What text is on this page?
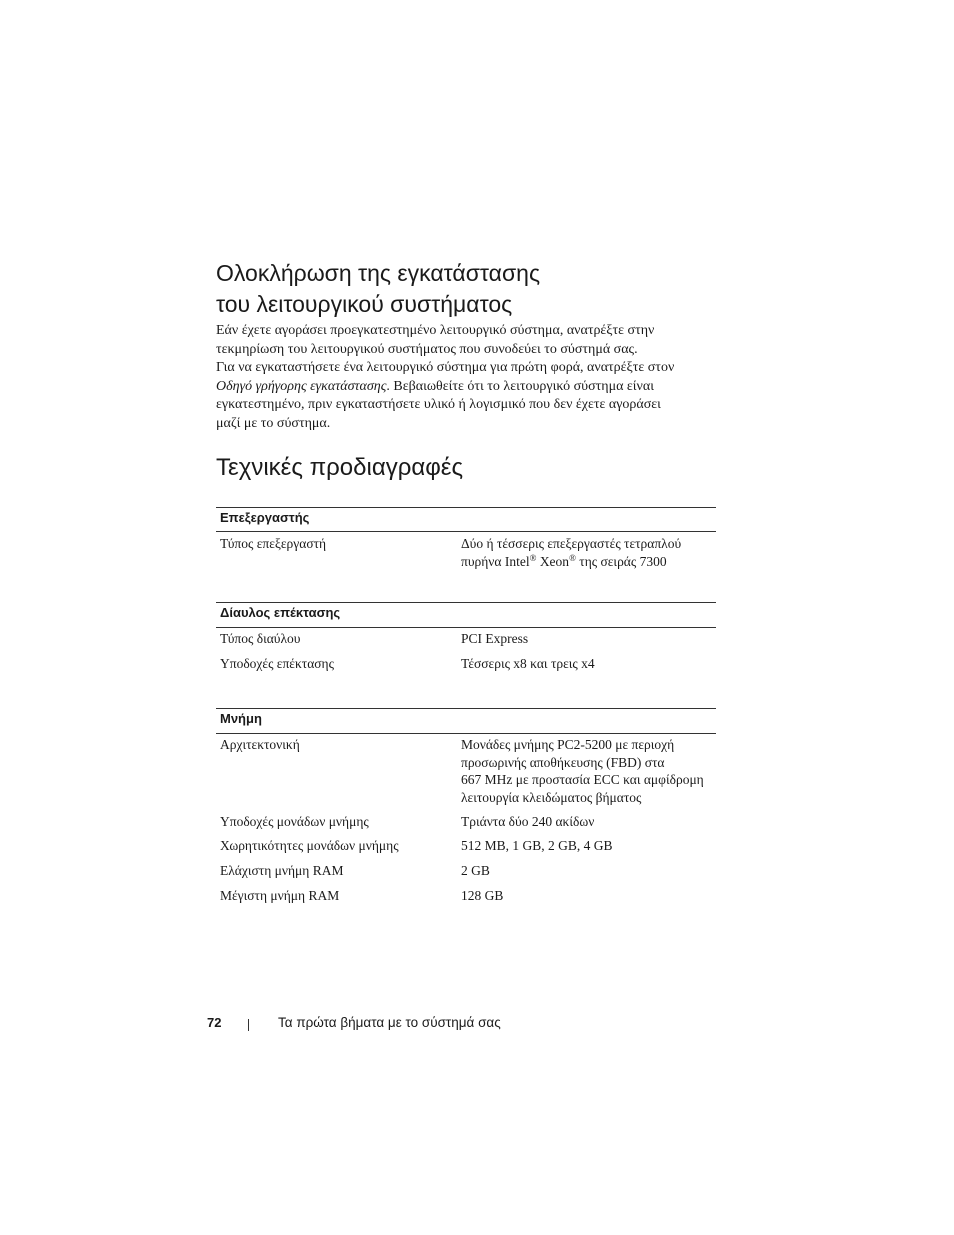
Ολοκλήρωση της εγκατάστασης
του λειτουργικού συστήματος

Εάν έχετε αγοράσει προεγκατεστημένο λειτουργικό σύστημα, ανατρέξτε στην
τεκμηρίωση του λειτουργικού συστήματος που συνοδεύει το σύστημά σας.
Για να εγκαταστήσετε ένα λειτουργικό σύστημα για πρώτη φορά, ανατρέξτε στον
Οδηγό γρήγορης εγκατάστασης. Βεβαιωθείτε ότι το λειτουργικό σύστημα είναι
εγκατεστημένο, πριν εγκαταστήσετε υλικό ή λογισμικό που δεν έχετε αγοράσει
μαζί με το σύστημα.

Τεχνικές προδιαγραφές
Επεξεργαστής
Τύπος επεξεργαστή	Δύο ή τέσσερις επεξεργαστές τετραπλού
πυρήνα Intel® Xeon® της σειράς 7300
Δίαυλος επέκτασης
Τύπος διαύλου	PCI Express
Υποδοχές επέκτασης	Τέσσερις x8 και τρεις x4
Μνήμη
Αρχιτεκτονική	Μονάδες μνήμης PC2-5200 με περιοχή
προσωρινής αποθήκευσης (FBD) στα
667 MHz με προστασία ECC και αμφίδρομη
λειτουργία κλειδώματος βήματος
Υποδοχές μονάδων μνήμης	Τριάντα δύο 240 ακίδων
Χωρητικότητες μονάδων μνήμης	512 MB, 1 GB, 2 GB, 4 GB
Ελάχιστη μνήμη RAM	2 GB
Μέγιστη μνήμη RAM	128 GB
72	Τα πρώτα βήματα με το σύστημά σας
